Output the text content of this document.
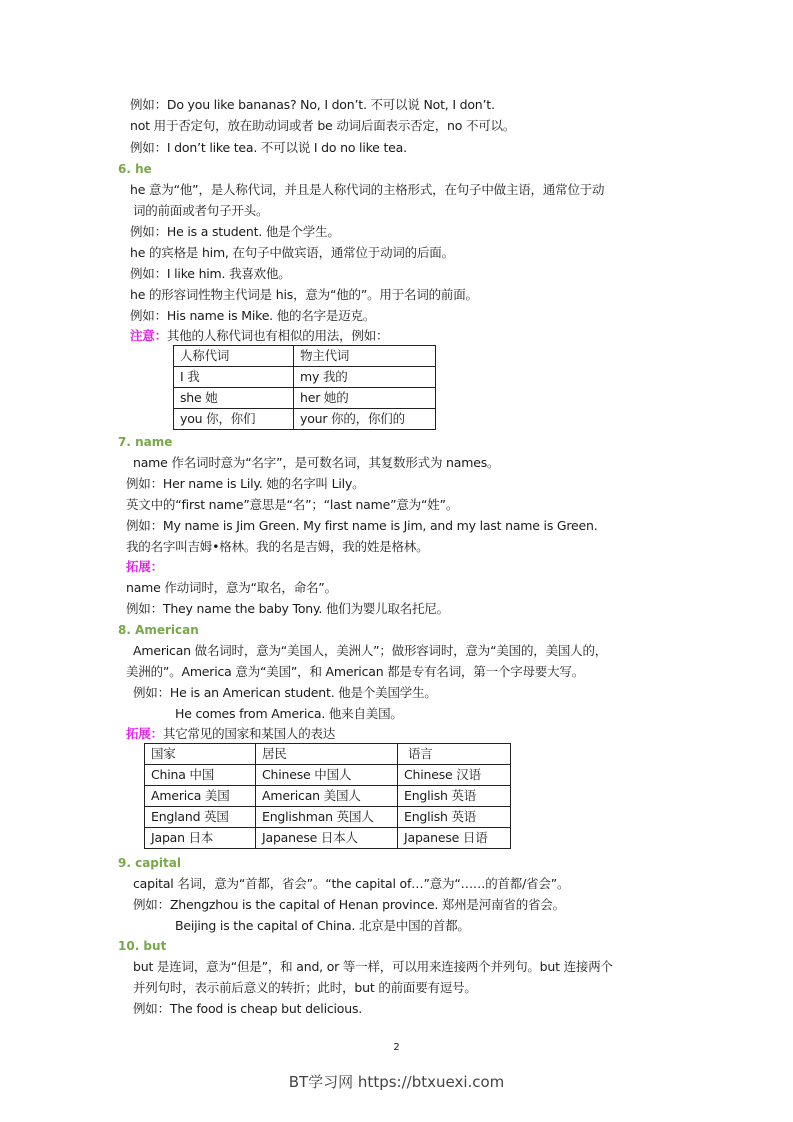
例如：Do you like bananas? No, I don’t. 不可以说 Not, I don’t.
not 用于否定句，放在助动词或者 be 动词后面表示否定，no 不可以。
例如：I don’t like tea. 不可以说 I do no like tea.
6. he
he 意为“他”，是人称代词，并且是人称代词的主格形式，在句子中做主语，通常位于动
词的前面或者句子开头。
例如：He is a student. 他是个学生。
he 的宾格是 him, 在句子中做宾语，通常位于动词的后面。
例如：I like him. 我喜欢他。
he 的形容词性物主代词是 his，意为“他的”。用于名词的前面。
例如：His name is Mike. 他的名字是迈克。
注意：其他的人称代词也有相似的用法，例如：
人称代词	物主代词
I 我	my 我的
she 她	her 她的
you 你，你们	your 你的，你们的
7. name
name 作名词时意为“名字”，是可数名词，其复数形式为 names。
例如：Her name is Lily. 她的名字叫 Lily。
英文中的“first name”意思是“名”；“last name”意为“姓”。
例如：My name is Jim Green. My first name is Jim, and my last name is Green.
我的名字叫吉姆•格林。我的名是吉姆，我的姓是格林。
拓展：
name 作动词时，意为“取名，命名”。
例如：They name the baby Tony. 他们为婴儿取名托尼。
8. American
American 做名词时，意为“美国人，美洲人”；做形容词时，意为“美国的，美国人的，
美洲的”。America 意为“美国”，和 American 都是专有名词，第一个字母要大写。
例如：He is an American student. 他是个美国学生。
He comes from America. 他来自美国。
拓展：其它常见的国家和某国人的表达
国家	居民	语言
China 中国	Chinese 中国人	Chinese 汉语
America 美国	American 美国人	English 英语
England 英国	Englishman 英国人	English 英语
Japan 日本	Japanese 日本人	Japanese 日语
9. capital
capital 名词，意为“首都，省会”。“the capital of…”意为“……的首都/省会”。
例如：Zhengzhou is the capital of Henan province. 郑州是河南省的省会。
Beijing is the capital of China. 北京是中国的首都。
10. but
but 是连词，意为“但是”，和 and, or 等一样，可以用来连接两个并列句。but 连接两个
并列句时，表示前后意义的转折；此时，but 的前面要有逗号。
例如：The food is cheap but delicious.
2
BT学习网 https://btxuexi.com
